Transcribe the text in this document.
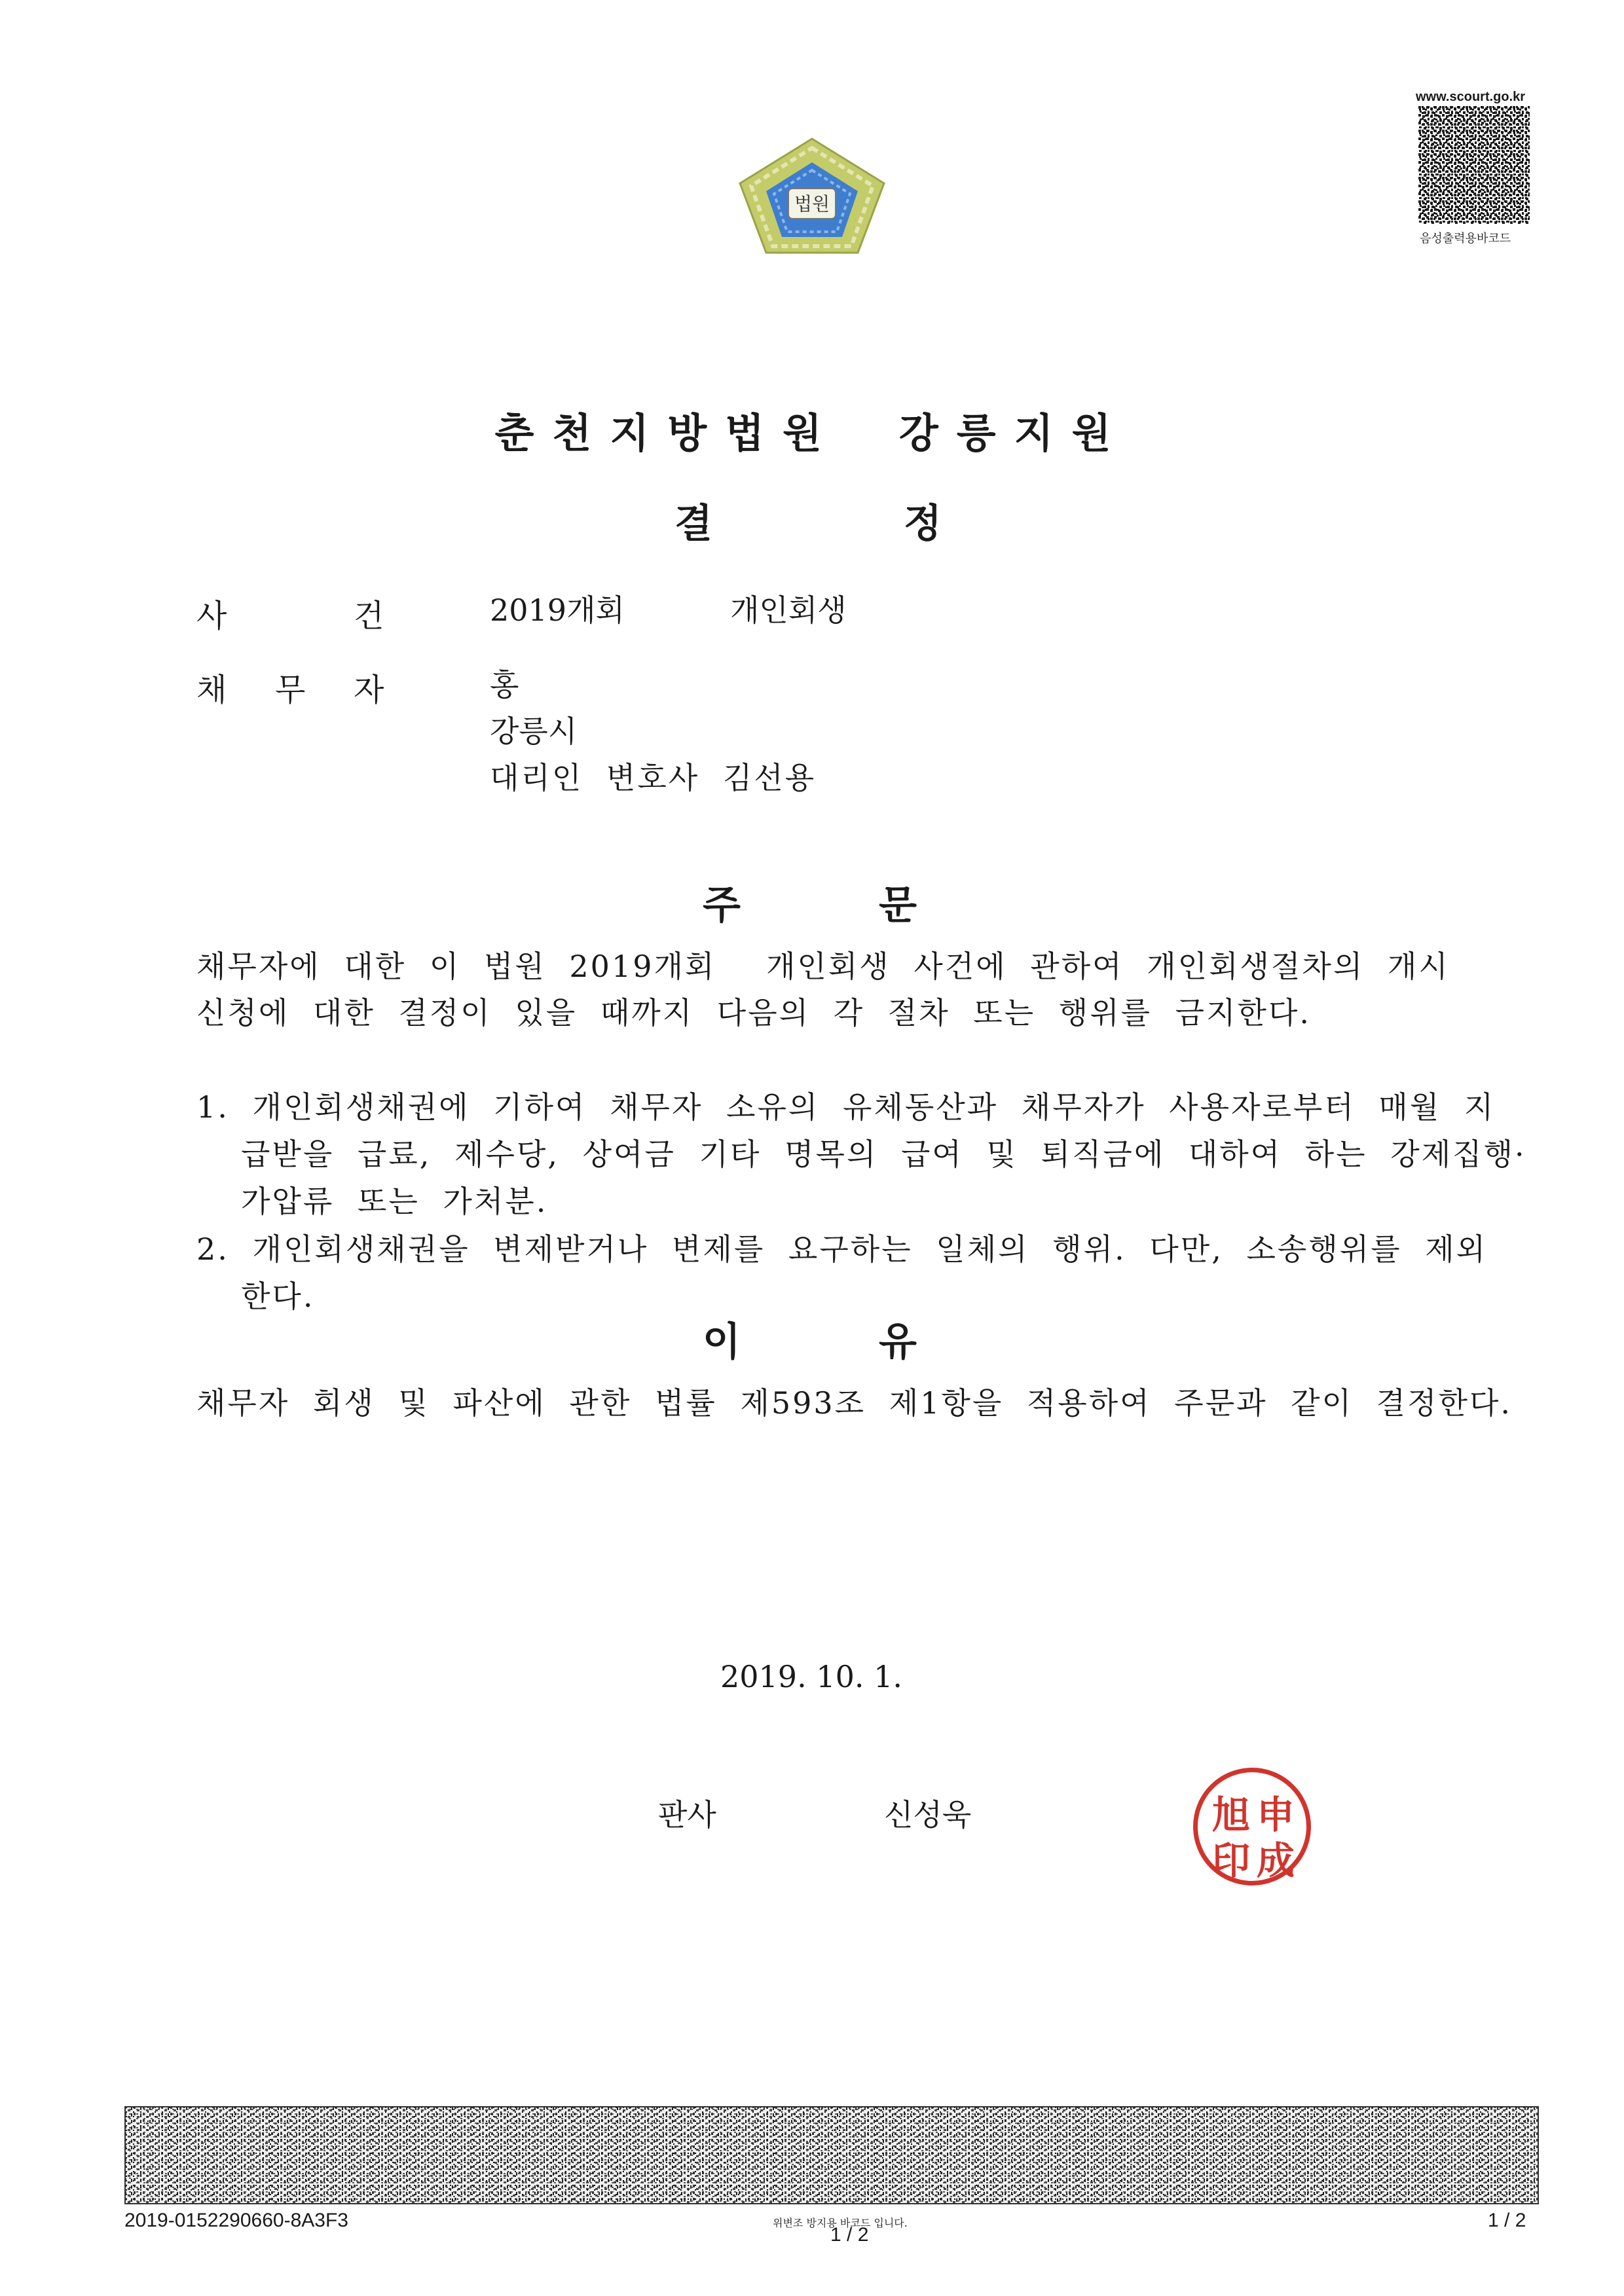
www.scourt.go.kr
음성출력용바코드
법원
춘천지방법원 강릉지원
결	정
사	건	2019개회	개인회생
채 무 자	홍
강릉시
대리인 변호사 김선용
주	문
채무자에 대한 이 법원 2019개회 개인회생 사건에 관하여 개인회생절차의 개시
신청에 대한 결정이 있을 때까지 다음의 각 절차 또는 행위를 금지한다.
1. 개인회생채권에 기하여 채무자 소유의 유체동산과 채무자가 사용자로부터 매월 지
급받을 급료, 제수당, 상여금 기타 명목의 급여 및 퇴직금에 대하여 하는 강제집행·
가압류 또는 가처분.
2. 개인회생채권을 변제받거나 변제를 요구하는 일체의 행위. 다만, 소송행위를 제외
한다.
이	유
채무자 회생 및 파산에 관한 법률 제593조 제1항을 적용하여 주문과 같이 결정한다.
2019. 10. 1.
판사	신성욱	申
成
旭
印
2019-0152290660-8A3F3	위변조 방지용 바코드 입니다.
1 / 2
1 / 2
